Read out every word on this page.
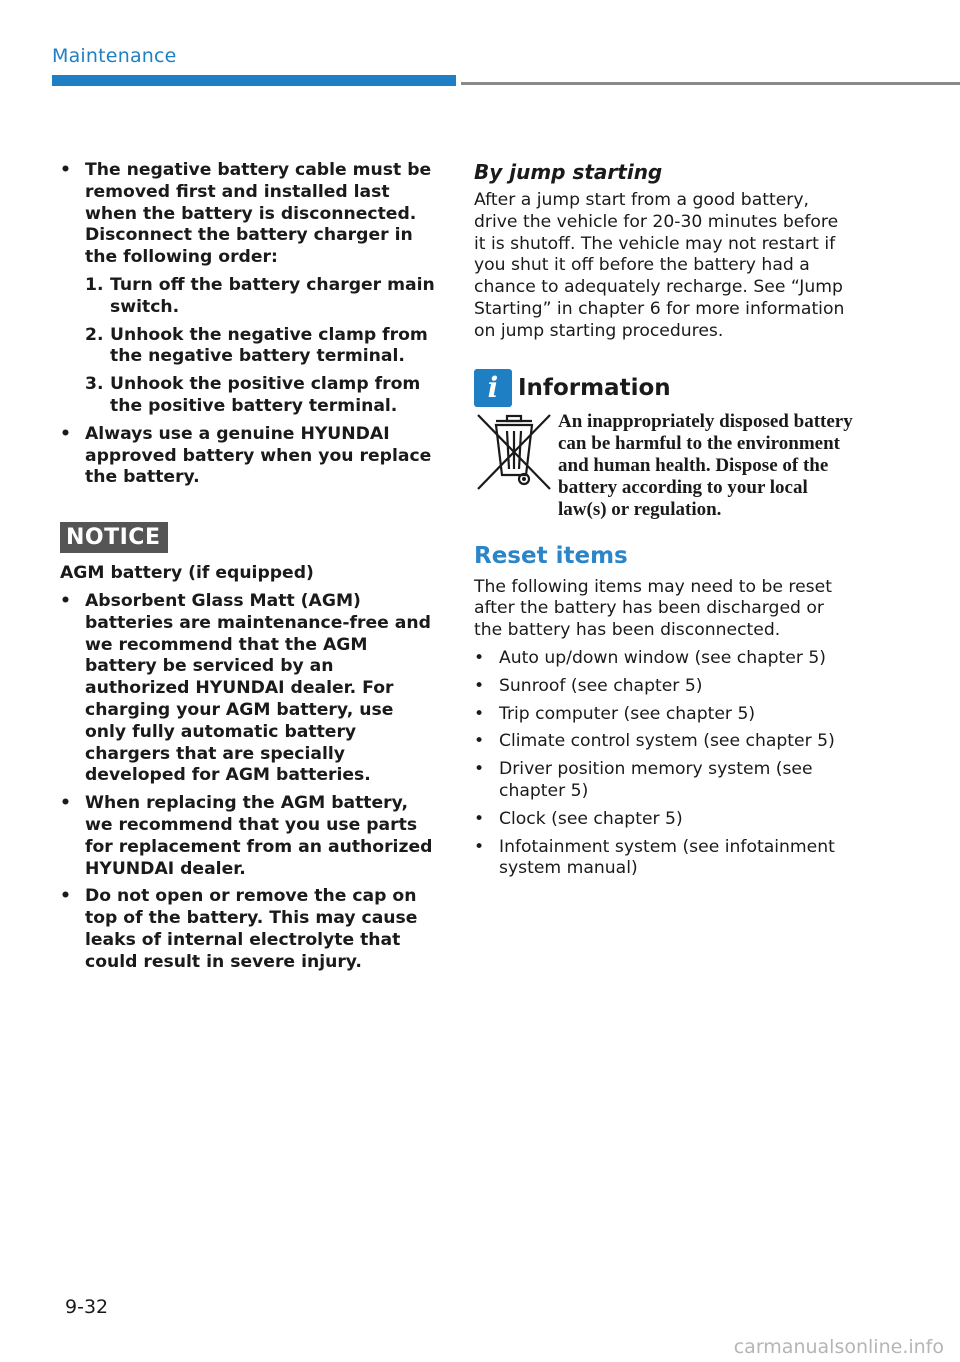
Maintenance
• The negative battery cable must be removed first and installed last when the battery is disconnected. Disconnect the battery charger in the following order:
1. Turn off the battery charger main switch.
2. Unhook the negative clamp from the negative battery terminal.
3. Unhook the positive clamp from the positive battery terminal.
• Always use a genuine HYUNDAI approved battery when you replace the battery.
NOTICE
AGM battery (if equipped)
• Absorbent Glass Matt (AGM) batteries are maintenance-free and we recommend that the AGM battery be serviced by an authorized HYUNDAI dealer. For charging your AGM battery, use only fully automatic battery chargers that are specially developed for AGM batteries.
• When replacing the AGM battery, we recommend that you use parts for replacement from an authorized HYUNDAI dealer.
• Do not open or remove the cap on top of the battery. This may cause leaks of internal electrolyte that could result in severe injury.
By jump starting

After a jump start from a good battery, drive the vehicle for 20-30 minutes before it is shutoff. The vehicle may not restart if you shut it off before the battery had a chance to adequately recharge. See “Jump Starting” in chapter 6 for more information on jump starting procedures.

i Information

An inappropriately disposed battery can be harmful to the environment and human health. Dispose of the battery according to your local law(s) or regulation.

Reset items

The following items may need to be reset after the battery has been discharged or the battery has been disconnected.

• Auto up/down window (see chapter 5)
• Sunroof (see chapter 5)
• Trip computer (see chapter 5)
• Climate control system (see chapter 5)
• Driver position memory system (see chapter 5)
• Clock (see chapter 5)
• Infotainment system (see infotainment system manual)
9-32
carmanualsonline.info
